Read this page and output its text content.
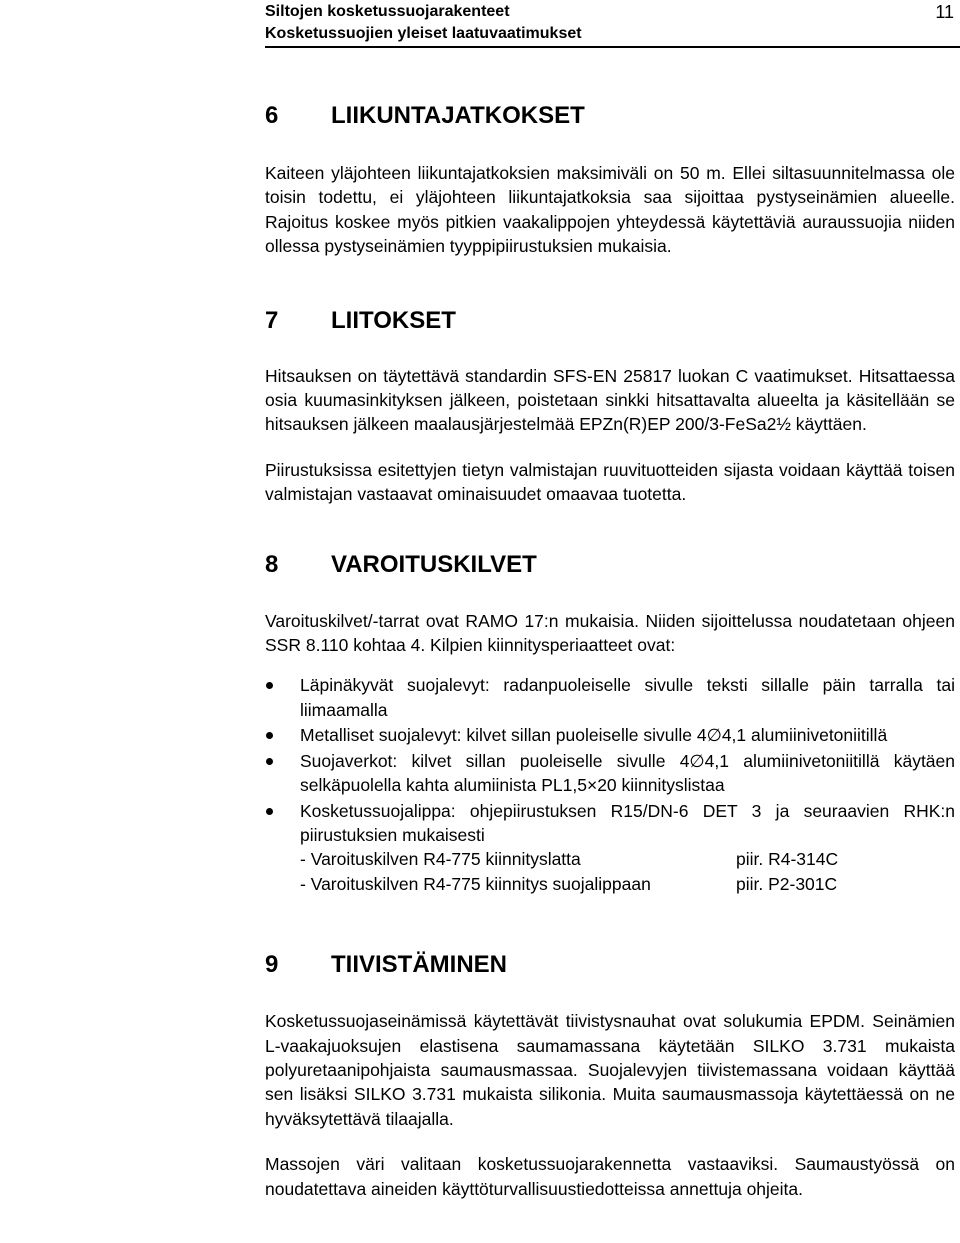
Siltojen kosketussuojarakenteet
Kosketussuojien yleiset laatuvaatimukset
11
6	LIIKUNTAJATKOKSET

Kaiteen yläjohteen liikuntajatkoksien maksimiväli on 50 m. Ellei siltasuunnitelmassa ole toisin todettu, ei yläjohteen liikuntajatkoksia saa sijoittaa pystyseinämien alueelle. Rajoitus koskee myös pitkien vaakalippojen yhteydessä käytettäviä auraussuojia niiden ollessa pystyseinämien tyyppipiirustuksien mukaisia.

7	LIITOKSET

Hitsauksen on täytettävä standardin SFS-EN 25817 luokan C vaatimukset. Hitsattaessa osia kuumasinkityksen jälkeen, poistetaan sinkki hitsattavalta alueelta ja käsitellään se hitsauksen jälkeen maalausjärjestelmää EPZn(R)EP 200/3-FeSa2½ käyttäen.

Piirustuksissa esitettyjen tietyn valmistajan ruuvituotteiden sijasta voidaan käyttää toisen valmistajan vastaavat ominaisuudet omaavaa tuotetta.

8	VAROITUSKILVET

Varoituskilvet/-tarrat ovat RAMO 17:n mukaisia. Niiden sijoittelussa noudatetaan ohjeen SSR 8.110 kohtaa 4. Kilpien kiinnitysperiaatteet ovat:

Läpinäkyvät suojalevyt: radanpuoleiselle sivulle teksti sillalle päin tarralla tai liimaamalla
Metalliset suojalevyt: kilvet sillan puoleiselle sivulle 4∅4,1 alumiinivetoniitillä
Suojaverkot: kilvet sillan puoleiselle sivulle 4∅4,1 alumiinivetoniitillä käytäen selkäpuolella kahta alumiinista PL1,5×20 kiinnityslistaa
Kosketussuojalippa: ohjepiirustuksen R15/DN-6 DET 3 ja seuraavien RHK:n piirustuksien mukaisesti
- Varoituskilven R4-775 kiinnityslatta	piir. R4-314C
- Varoituskilven R4-775 kiinnitys suojalippaan	piir. P2-301C
9	TIIVISTÄMINEN

Kosketussuojaseinämissä käytettävät tiivistysnauhat ovat solukumia EPDM. Seinämien L-vaakajuoksujen elastisena saumamassana käytetään SILKO 3.731 mukaista polyuretaanipohjaista saumausmassaa. Suojalevyjen tiivistemassana voidaan käyttää sen lisäksi SILKO 3.731 mukaista silikonia. Muita saumausmassoja käytettäessä on ne hyväksytettävä tilaajalla.

Massojen väri valitaan kosketussuojarakennetta vastaaviksi. Saumaustyössä on noudatettava aineiden käyttöturvallisuustiedotteissa annettuja ohjeita.
